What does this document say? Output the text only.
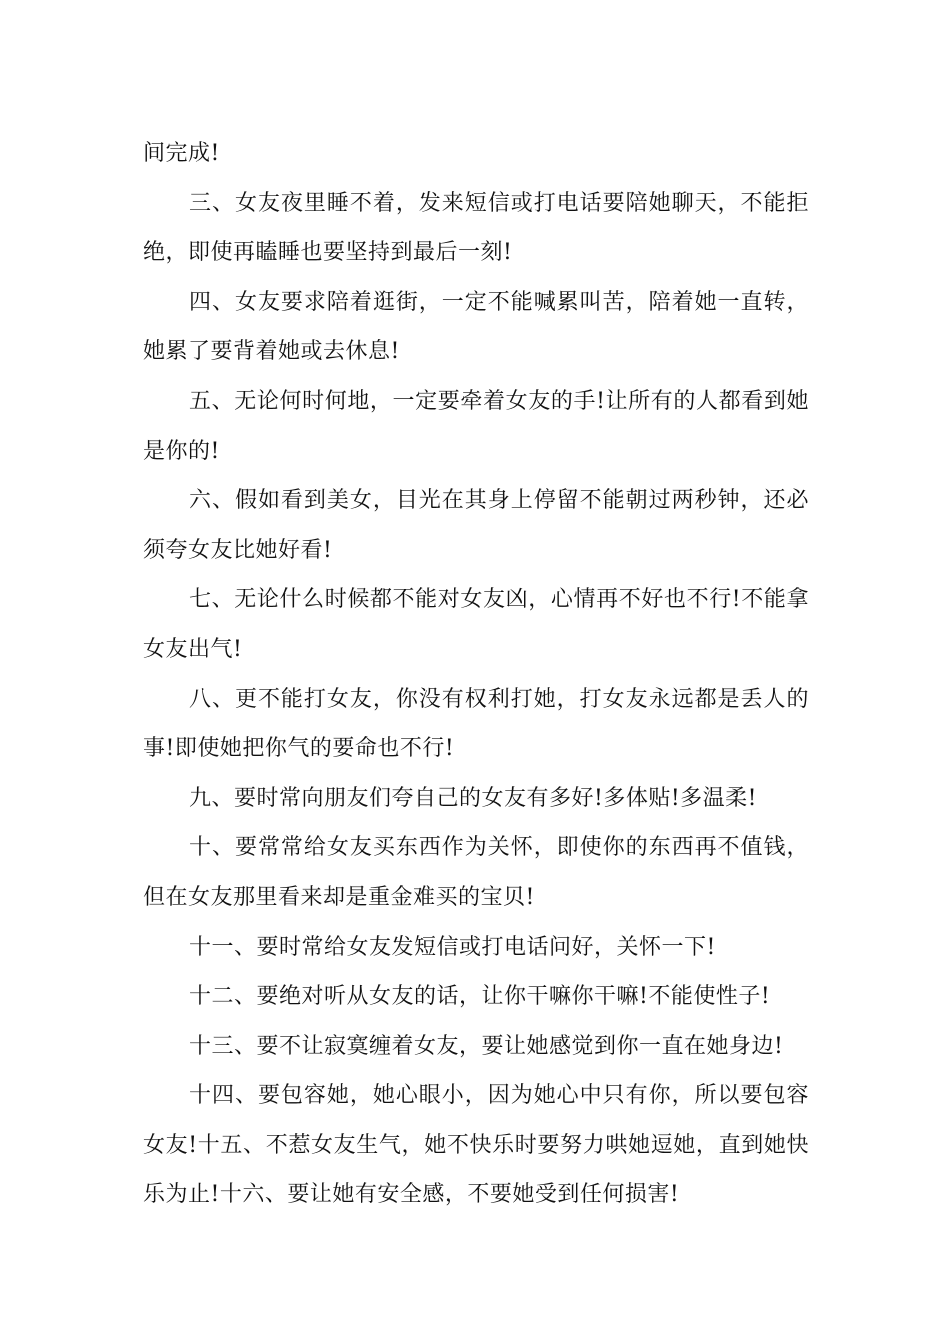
间完成!

三、女友夜里睡不着，发来短信或打电话要陪她聊天，不能拒绝，即使再瞌睡也要坚持到最后一刻!

四、女友要求陪着逛街，一定不能喊累叫苦，陪着她一直转，她累了要背着她或去休息!

五、无论何时何地，一定要牵着女友的手!让所有的人都看到她是你的!

六、假如看到美女，目光在其身上停留不能朝过两秒钟，还必须夸女友比她好看!

七、无论什么时候都不能对女友凶，心情再不好也不行!不能拿女友出气!

八、更不能打女友，你没有权利打她，打女友永远都是丢人的事!即使她把你气的要命也不行!

九、要时常向朋友们夸自己的女友有多好!多体贴!多温柔!

十、要常常给女友买东西作为关怀，即使你的东西再不值钱，但在女友那里看来却是重金难买的宝贝!

十一、要时常给女友发短信或打电话问好，关怀一下!

十二、要绝对听从女友的话，让你干嘛你干嘛!不能使性子!

十三、要不让寂寞缠着女友，要让她感觉到你一直在她身边!

十四、要包容她，她心眼小，因为她心中只有你，所以要包容女友!十五、不惹女友生气，她不快乐时要努力哄她逗她，直到她快乐为止!十六、要让她有安全感，不要她受到任何损害!
